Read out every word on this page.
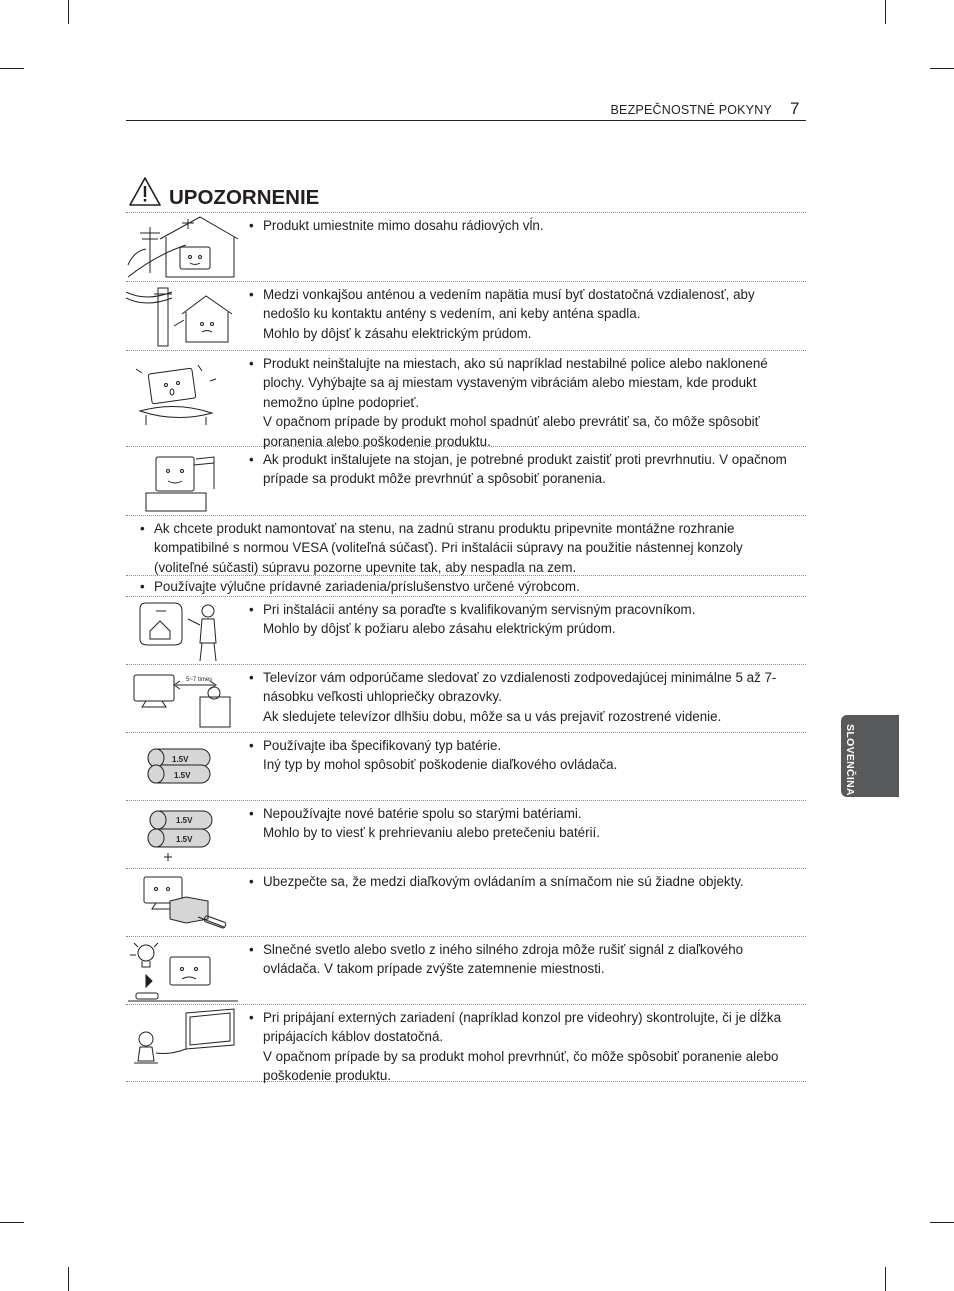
BEZPEČNOSTNÉ POKYNY 7
UPOZORNENIE

• Produkt umiestnite mimo dosahu rádiových vĺn.

• Medzi vonkajšou anténou a vedením napätia musí byť dostatočná vzdialenosť, aby nedošlo ku kontaktu antény s vedením, ani keby anténa spadla.
Mohlo by dôjsť k zásahu elektrickým prúdom.

• Produkt neinštalujte na miestach, ako sú napríklad nestabilné police alebo naklonené plochy. Vyhýbajte sa aj miestam vystaveným vibráciám alebo miestam, kde produkt nemožno úplne podoprieť.
V opačnom prípade by produkt mohol spadnúť alebo prevrátiť sa, čo môže spôsobiť poranenia alebo poškodenie produktu.

• Ak produkt inštalujete na stojan, je potrebné produkt zaistiť proti prevrhnutiu. V opačnom prípade sa produkt môže prevrhnúť a spôsobiť poranenia.

• Ak chcete produkt namontovať na stenu, na zadnú stranu produktu pripevnite montážne rozhranie kompatibilné s normou VESA (voliteľná súčasť). Pri inštalácii súpravy na použitie nástennej konzoly (voliteľné súčasti) súpravu pozorne upevnite tak, aby nespadla na zem.

• Používajte výlučne prídavné zariadenia/príslušenstvo určené výrobcom.

• Pri inštalácii antény sa poraďte s kvalifikovaným servisným pracovníkom.
Mohlo by dôjsť k požiaru alebo zásahu elektrickým prúdom.

5~7 times	• Televízor vám odporúčame sledovať zo vzdialenosti zodpovedajúcej minimálne 5 až 7-násobku veľkosti uhlopriečky obrazovky.
Ak sledujete televízor dlhšiu dobu, môže sa u vás prejaviť rozostrené videnie.

1.5V
1.5V

• Používajte iba špecifikovaný typ batérie.
Iný typ by mohol spôsobiť poškodenie diaľkového ovládača.

1.5V
1.5V

• Nepoužívajte nové batérie spolu so starými batériami.
Mohlo by to viesť k prehrievaniu alebo pretečeniu batérií.

• Ubezpečte sa, že medzi diaľkovým ovládaním a snímačom nie sú žiadne objekty.

• Slnečné svetlo alebo svetlo z iného silného zdroja môže rušiť signál z diaľkového ovládača. V takom prípade zvýšte zatemnenie miestnosti.

• Pri pripájaní externých zariadení (napríklad konzol pre videohry) skontrolujte, či je dĺžka pripájacích káblov dostatočná.
V opačnom prípade by sa produkt mohol prevrhnúť, čo môže spôsobiť poranenie alebo poškodenie produktu.

SLOVENČINA
